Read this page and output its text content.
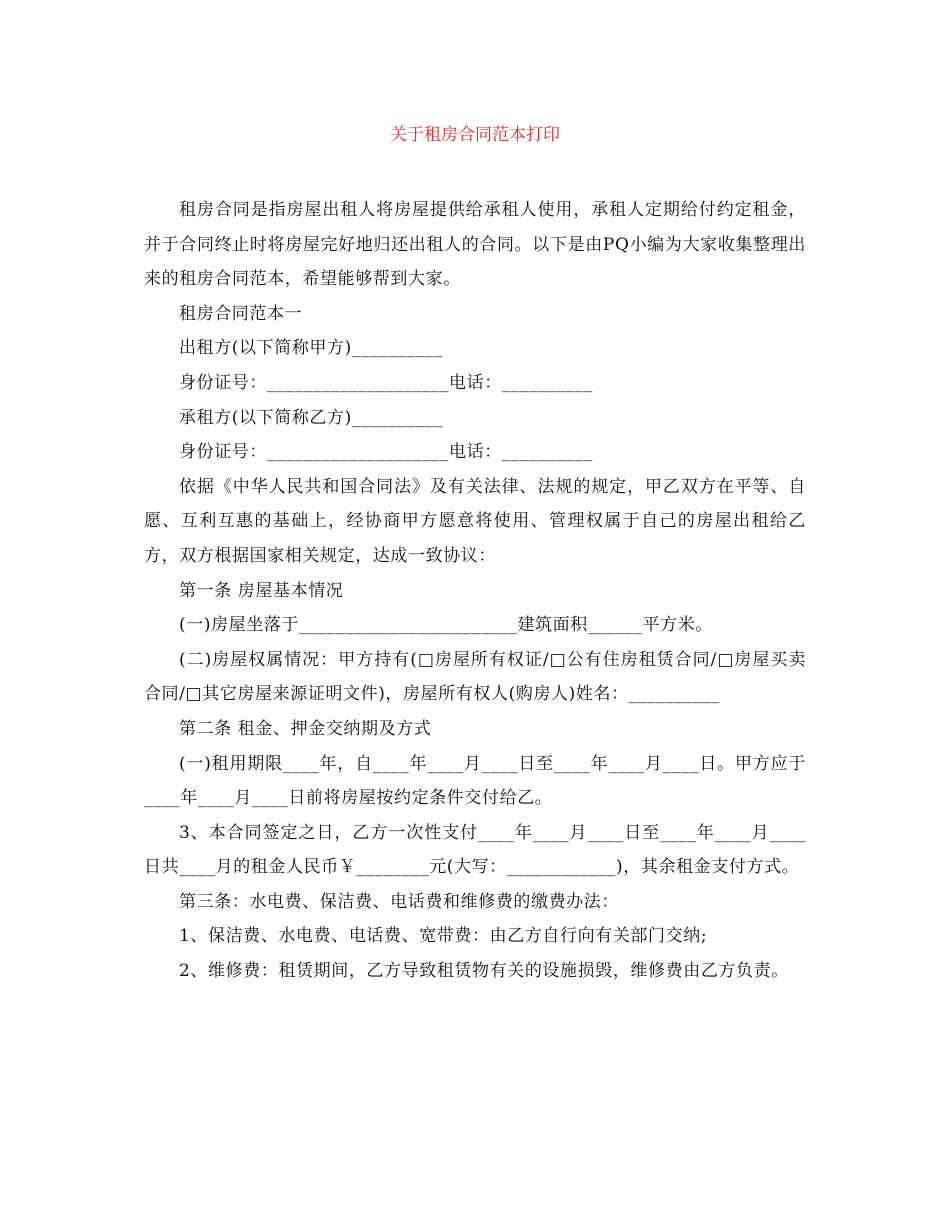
关于租房合同范本打印

租房合同是指房屋出租人将房屋提供给承租人使用，承租人定期给付约定租金，并于合同终止时将房屋完好地归还出租人的合同。以下是由PQ小编为大家收集整理出来的租房合同范本，希望能够帮到大家。

租房合同范本一

出租方(以下简称甲方)__________

身份证号：____________________电话：__________

承租方(以下简称乙方)__________

身份证号：____________________电话：__________

依据《中华人民共和国合同法》及有关法律、法规的规定，甲乙双方在平等、自愿、互利互惠的基础上，经协商甲方愿意将使用、管理权属于自己的房屋出租给乙方，双方根据国家相关规定，达成一致协议：

第一条 房屋基本情况

(一)房屋坐落于________________________建筑面积______平方米。

(二)房屋权属情况：甲方持有(□房屋所有权证/□公有住房租赁合同/□房屋买卖合同/□其它房屋来源证明文件)，房屋所有权人(购房人)姓名：__________

第二条 租金、押金交纳期及方式

(一)租用期限____年，自____年____月____日至____年____月____日。甲方应于____年____月____日前将房屋按约定条件交付给乙。

3、本合同签定之日，乙方一次性支付____年____月____日至____年____月____日共____月的租金人民币￥________元(大写：____________)，其余租金支付方式。

第三条：水电费、保洁费、电话费和维修费的缴费办法：

1、保洁费、水电费、电话费、宽带费：由乙方自行向有关部门交纳;

2、维修费：租赁期间，乙方导致租赁物有关的设施损毁，维修费由乙方负责。
